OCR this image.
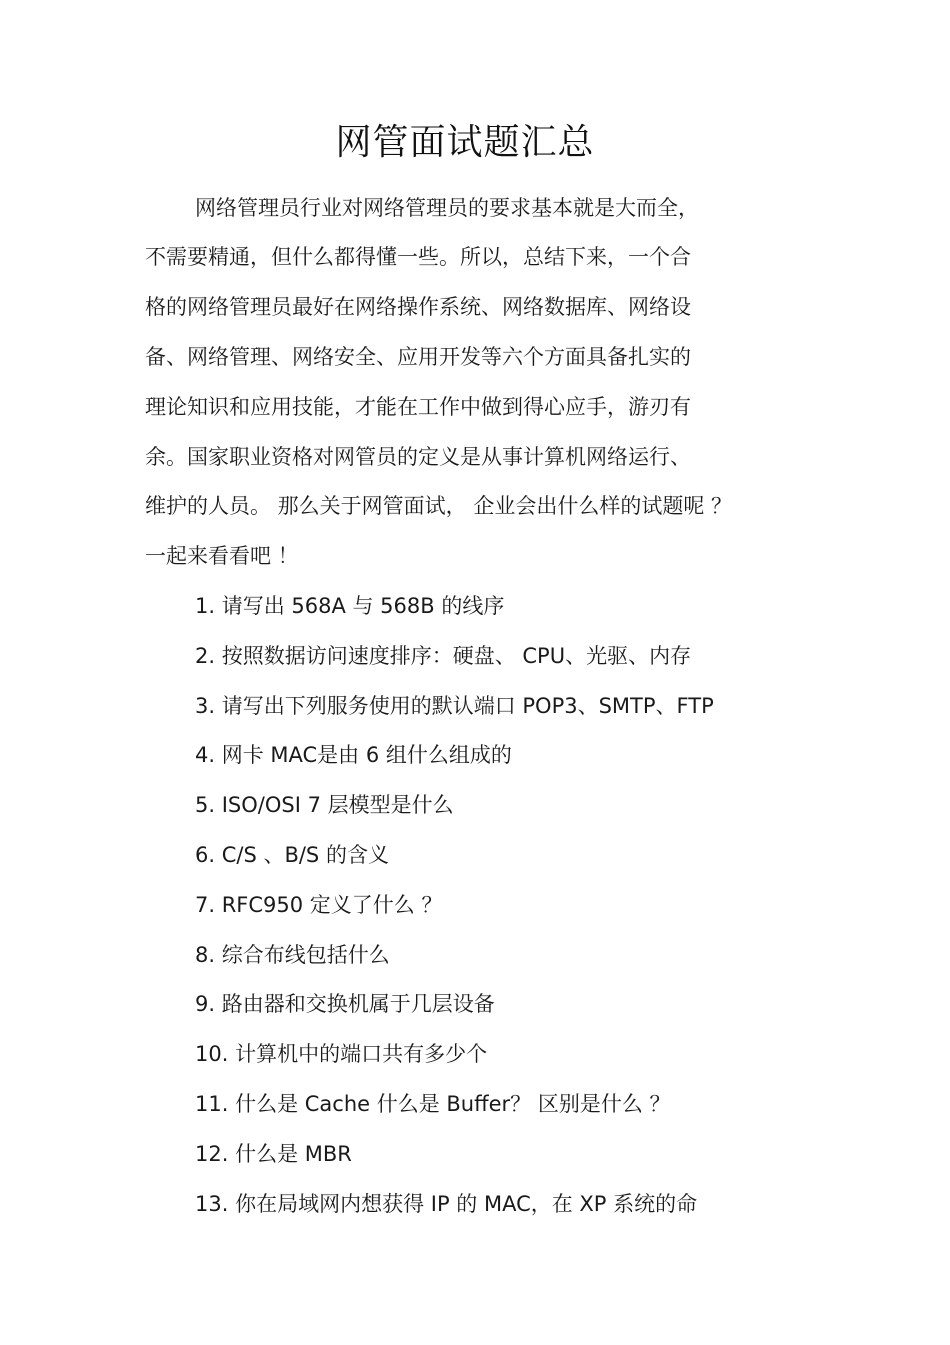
网管面试题汇总
网络管理员行业对网络管理员的要求基本就是大而全，
不需要精通，但什么都得懂一些。所以，总结下来，一个合
格的网络管理员最好在网络操作系统、网络数据库、网络设
备、网络管理、网络安全、应用开发等六个方面具备扎实的
理论知识和应用技能，才能在工作中做到得心应手，游刃有
余。国家职业资格对网管员的定义是从事计算机网络运行、
维护的人员。 那么关于网管面试， 企业会出什么样的试题呢 ？
一起来看看吧 ！
1. 请写出 568A 与 568B 的线序
2. 按照数据访问速度排序：硬盘、 CPU、光驱、内存
3. 请写出下列服务使用的默认端口 POP3、SMTP、FTP
4. 网卡 MAC是由 6 组什么组成的
5. ISO/OSI 7 层模型是什么
6. C/S 、B/S 的含义
7. RFC950 定义了什么 ？
8. 综合布线包括什么
9. 路由器和交换机属于几层设备
10. 计算机中的端口共有多少个
11. 什么是 Cache 什么是 Buffer？ 区别是什么 ？
12. 什么是 MBR
13. 你在局域网内想获得 IP 的 MAC，在 XP 系统的命
